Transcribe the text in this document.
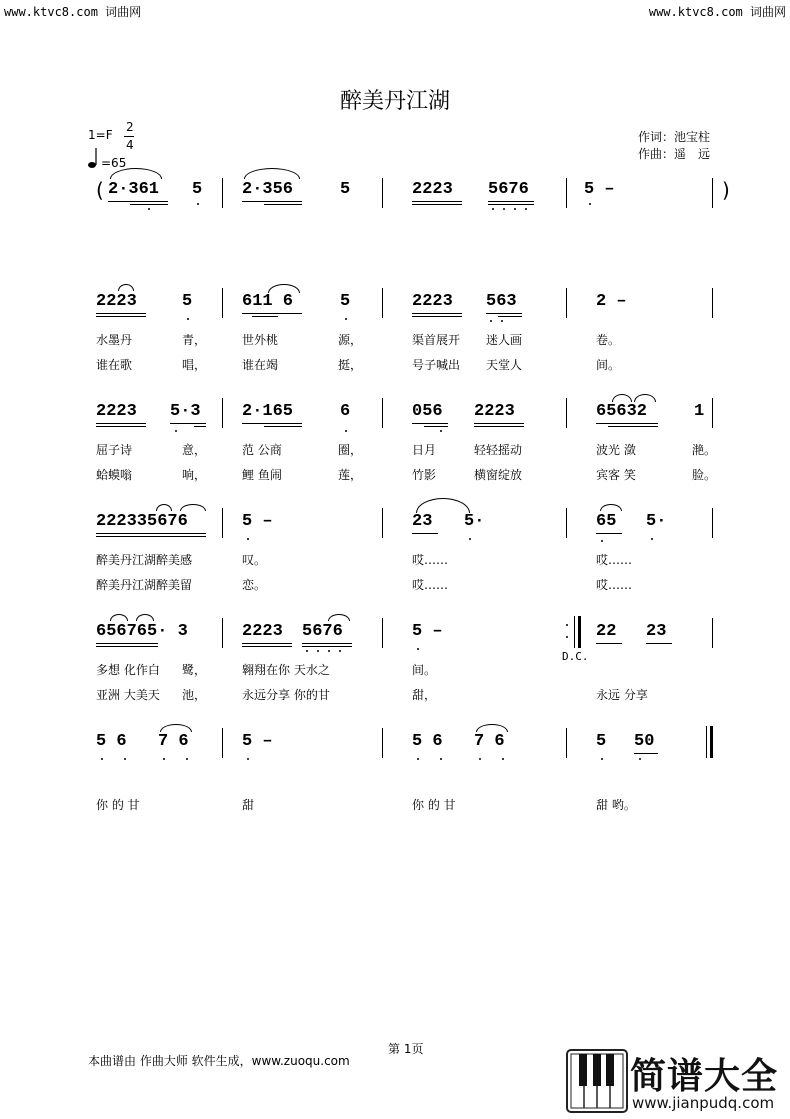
www.ktvc8.com 词曲网	www.ktvc8.com 词曲网
醉美丹江湖
1=F
2
4
=65
作词：池宝柱
作曲：遥　远
(	)
2·361 5 2·356	5	2223 5676	5 –
2223	5	611 6	5	2223 563	2 –
水墨丹	青，	世外桃	源，	渠首展开 迷人画	卷。
谁在歌	唱，	谁在竭	挺，	号子喊出 天堂人	间。
2223 5·3 2·165	6	056 2223	65632	1
屈子诗	意，	范 公商	圈，	日月	轻轻摇动	波光 潋	滟。
蛤蟆嗡	响，	鲤 鱼闹	莲，	竹影	横窗绽放	宾客 笑	脸。
222335676	5 –	23 5·	65 5·
醉美丹江湖醉美感	叹。	哎……	哎……
醉美丹江湖醉美留	恋。	哎……	哎……
656765· 3	2223 5676	5 –	22 23
D.C.
多想 化作白 鹭，	翱翔在你 天水之	间。
亚洲 大美天 池，	永远分享 你的甘	甜，	永远 分享
5 6 7 6	5 –	5 6 7 6	5 50
你 的 甘	甜	你 的 甘	甜 哟。
第 1页
本曲谱由 作曲大师 软件生成，www.zuoqu.com	简谱大全
www.jianpudq.com
